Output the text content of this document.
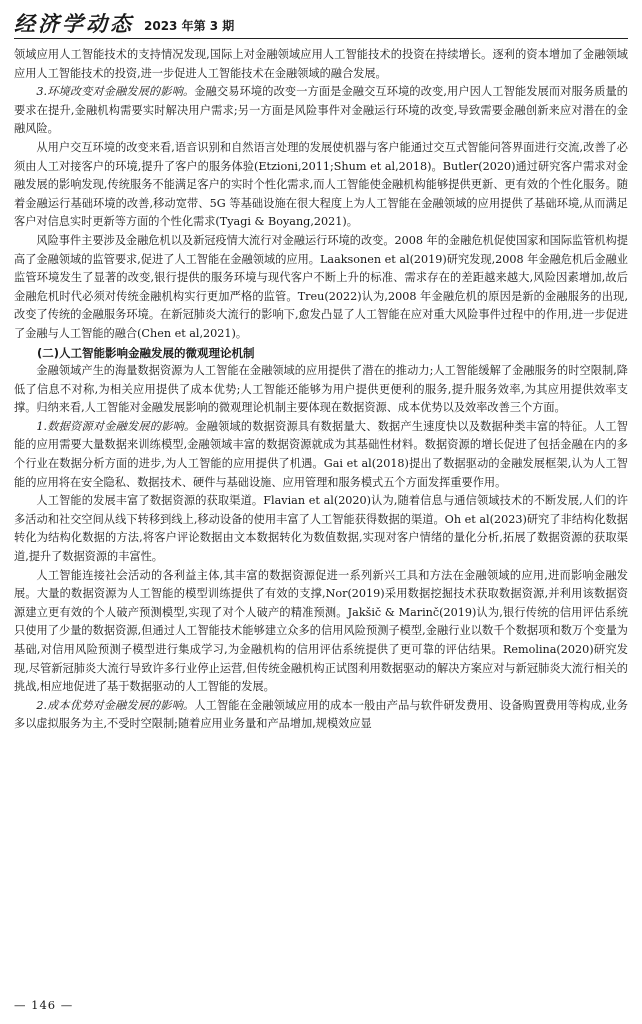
经济学动态 2023 年第 3 期

领域应用人工智能技术的支持情况发现,国际上对金融领域应用人工智能技术的投资在持续增长。逐利的资本增加了金融领域应用人工智能技术的投资,进一步促进人工智能技术在金融领域的融合发展。

3.环境改变对金融发展的影响。金融交易环境的改变一方面是金融交互环境的改变,用户因人工智能发展而对服务质量的要求在提升,金融机构需要实时解决用户需求;另一方面是风险事件对金融运行环境的改变,导致需要金融创新来应对潜在的金融风险。

从用户交互环境的改变来看,语音识别和自然语言处理的发展使机器与客户能通过交互式智能问答界面进行交流,改善了必须由人工对接客户的环境,提升了客户的服务体验(Etzioni,2011;Shum et al,2018)。Butler(2020)通过研究客户需求对金融发展的影响发现,传统服务不能满足客户的实时个性化需求,而人工智能使金融机构能够提供更新、更有效的个性化服务。随着金融运行基础环境的改善,移动宽带、5G 等基础设施在很大程度上为人工智能在金融领域的应用提供了基础环境,从而满足客户对信息实时更新等方面的个性化需求(Tyagi & Boyang,2021)。

风险事件主要涉及金融危机以及新冠疫情大流行对金融运行环境的改变。2008 年的金融危机促使国家和国际监管机构提高了金融领域的监管要求,促进了人工智能在金融领域的应用。Laaksonen et al(2019)研究发现,2008 年金融危机后金融业监管环境发生了显著的改变,银行提供的服务环境与现代客户不断上升的标准、需求存在的差距越来越大,风险因素增加,故后金融危机时代必须对传统金融机构实行更加严格的监管。Treu(2022)认为,2008 年金融危机的原因是新的金融服务的出现,改变了传统的金融服务环境。在新冠肺炎大流行的影响下,愈发凸显了人工智能在应对重大风险事件过程中的作用,进一步促进了金融与人工智能的融合(Chen et al,2021)。

(二)人工智能影响金融发展的微观理论机制

金融领域产生的海量数据资源为人工智能在金融领域的应用提供了潜在的推动力;人工智能缓解了金融服务的时空限制,降低了信息不对称,为相关应用提供了成本优势;人工智能还能够为用户提供更便利的服务,提升服务效率,为其应用提供效率支撑。归纳来看,人工智能对金融发展影响的微观理论机制主要体现在数据资源、成本优势以及效率改善三个方面。

1.数据资源对金融发展的影响。金融领域的数据资源具有数据量大、数据产生速度快以及数据种类丰富的特征。人工智能的应用需要大量数据来训练模型,金融领域丰富的数据资源就成为其基础性材料。数据资源的增长促进了包括金融在内的多个行业在数据分析方面的进步,为人工智能的应用提供了机遇。Gai et al(2018)提出了数据驱动的金融发展框架,认为人工智能的应用将在安全隐私、数据技术、硬件与基础设施、应用管理和服务模式五个方面发挥重要作用。

人工智能的发展丰富了数据资源的获取渠道。Flavian et al(2020)认为,随着信息与通信领域技术的不断发展,人们的许多活动和社交空间从线下转移到线上,移动设备的使用丰富了人工智能获得数据的渠道。Oh et al(2023)研究了非结构化数据转化为结构化数据的方法,将客户评论数据由文本数据转化为数值数据,实现对客户情绪的量化分析,拓展了数据资源的获取渠道,提升了数据资源的丰富性。

人工智能连接社会活动的各利益主体,其丰富的数据资源促进一系列新兴工具和方法在金融领域的应用,进而影响金融发展。大量的数据资源为人工智能的模型训练提供了有效的支撑,Nor(2019)采用数据挖掘技术获取数据资源,并利用该数据资源建立更有效的个人破产预测模型,实现了对个人破产的精准预测。Jakšič & Marinč(2019)认为,银行传统的信用评估系统只使用了少量的数据资源,但通过人工智能技术能够建立众多的信用风险预测子模型,金融行业以数千个数据项和数万个变量为基础,对信用风险预测子模型进行集成学习,为金融机构的信用评估系统提供了更可靠的评估结果。Remolina(2020)研究发现,尽管新冠肺炎大流行导致许多行业停止运营,但传统金融机构正试图利用数据驱动的解决方案应对与新冠肺炎大流行相关的挑战,相应地促进了基于数据驱动的人工智能的发展。

2.成本优势对金融发展的影响。人工智能在金融领域应用的成本一般由产品与软件研发费用、设备购置费用等构成,业务多以虚拟服务为主,不受时空限制;随着应用业务量和产品增加,规模效应显

— 146 —
